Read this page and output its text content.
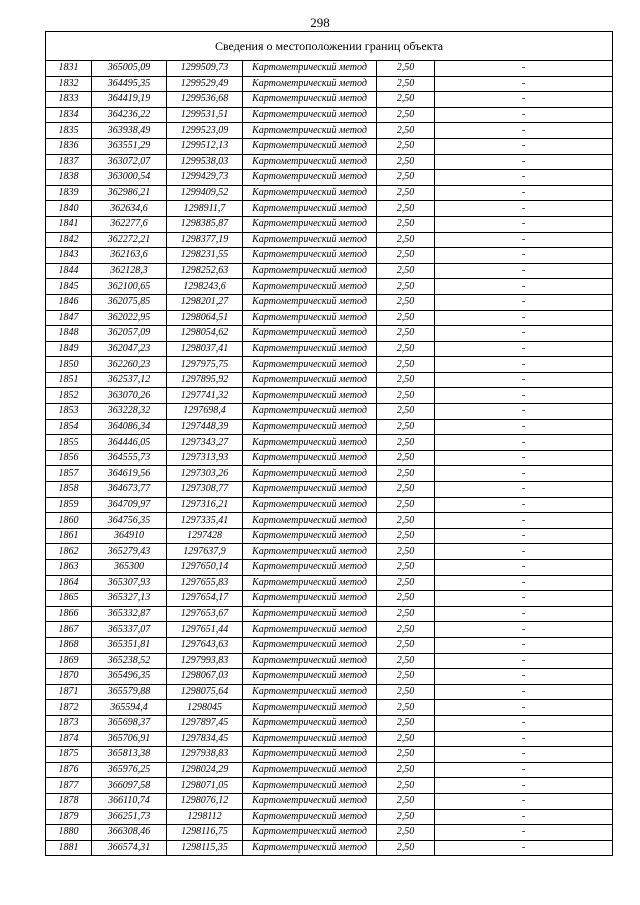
298
Сведения о местоположении границ объекта					
1831	365005,09	1299509,73	Картометрический метод	2,50	-
1832	364495,35	1299529,49	Картометрический метод	2,50	-
1833	364419,19	1299536,68	Картометрический метод	2,50	-
1834	364236,22	1299531,51	Картометрический метод	2,50	-
1835	363938,49	1299523,09	Картометрический метод	2,50	-
1836	363551,29	1299512,13	Картометрический метод	2,50	-
1837	363072,07	1299538,03	Картометрический метод	2,50	-
1838	363000,54	1299429,73	Картометрический метод	2,50	-
1839	362986,21	1299409,52	Картометрический метод	2,50	-
1840	362634,6	1298911,7	Картометрический метод	2,50	-
1841	362277,6	1298385,87	Картометрический метод	2,50	-
1842	362272,21	1298377,19	Картометрический метод	2,50	-
1843	362163,6	1298231,55	Картометрический метод	2,50	-
1844	362128,3	1298252,63	Картометрический метод	2,50	-
1845	362100,65	1298243,6	Картометрический метод	2,50	-
1846	362075,85	1298201,27	Картометрический метод	2,50	-
1847	362022,95	1298064,51	Картометрический метод	2,50	-
1848	362057,09	1298054,62	Картометрический метод	2,50	-
1849	362047,23	1298037,41	Картометрический метод	2,50	-
1850	362260,23	1297975,75	Картометрический метод	2,50	-
1851	362537,12	1297895,92	Картометрический метод	2,50	-
1852	363070,26	1297741,32	Картометрический метод	2,50	-
1853	363228,32	1297698,4	Картометрический метод	2,50	-
1854	364086,34	1297448,39	Картометрический метод	2,50	-
1855	364446,05	1297343,27	Картометрический метод	2,50	-
1856	364555,73	1297313,93	Картометрический метод	2,50	-
1857	364619,56	1297303,26	Картометрический метод	2,50	-
1858	364673,77	1297308,77	Картометрический метод	2,50	-
1859	364709,97	1297316,21	Картометрический метод	2,50	-
1860	364756,35	1297335,41	Картометрический метод	2,50	-
1861	364910	1297428	Картометрический метод	2,50	-
1862	365279,43	1297637,9	Картометрический метод	2,50	-
1863	365300	1297650,14	Картометрический метод	2,50	-
1864	365307,93	1297655,83	Картометрический метод	2,50	-
1865	365327,13	1297654,17	Картометрический метод	2,50	-
1866	365332,87	1297653,67	Картометрический метод	2,50	-
1867	365337,07	1297651,44	Картометрический метод	2,50	-
1868	365351,81	1297643,63	Картометрический метод	2,50	-
1869	365238,52	1297993,83	Картометрический метод	2,50	-
1870	365496,35	1298067,03	Картометрический метод	2,50	-
1871	365579,88	1298075,64	Картометрический метод	2,50	-
1872	365594,4	1298045	Картометрический метод	2,50	-
1873	365698,37	1297897,45	Картометрический метод	2,50	-
1874	365706,91	1297834,45	Картометрический метод	2,50	-
1875	365813,38	1297938,83	Картометрический метод	2,50	-
1876	365976,25	1298024,29	Картометрический метод	2,50	-
1877	366097,58	1298071,05	Картометрический метод	2,50	-
1878	366110,74	1298076,12	Картометрический метод	2,50	-
1879	366251,73	1298112	Картометрический метод	2,50	-
1880	366308,46	1298116,75	Картометрический метод	2,50	-
1881	366574,31	1298115,35	Картометрический метод	2,50	-
